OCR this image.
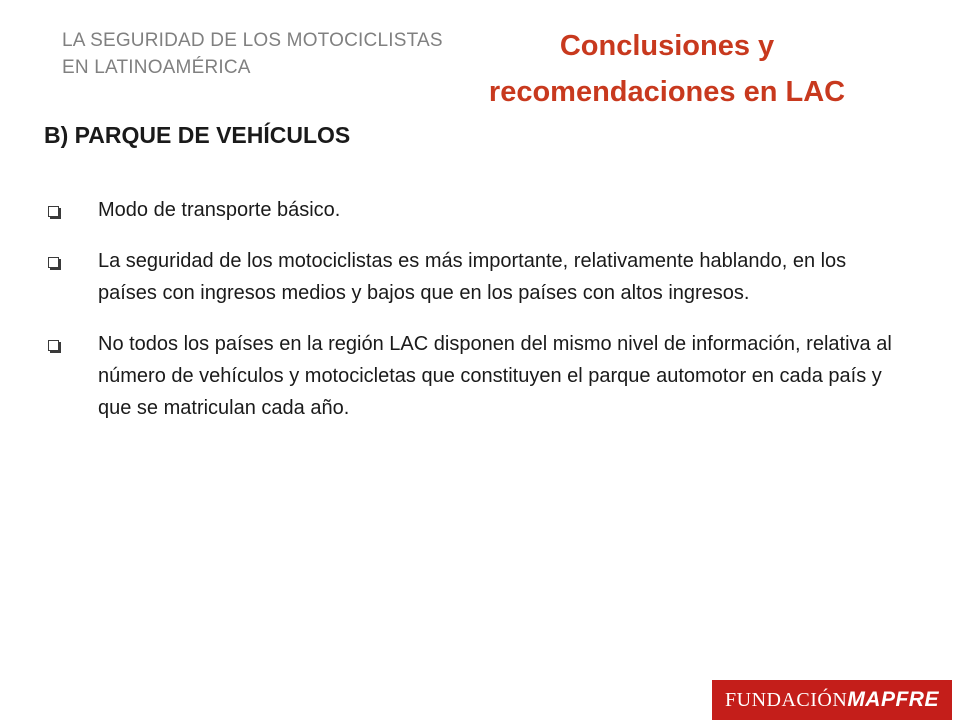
LA SEGURIDAD DE LOS MOTOCICLISTAS
EN LATINOAMÉRICA
Conclusiones y
recomendaciones en LAC
B) PARQUE DE VEHÍCULOS
Modo de transporte básico.
La seguridad de los motociclistas es más importante, relativamente hablando, en los países con ingresos medios y bajos que en los países con altos ingresos.
No todos los países en la región LAC disponen del mismo nivel de información, relativa al número de vehículos y motocicletas que constituyen el parque automotor en cada país y que se matriculan cada año.
FUNDACIÓN MAPFRE
